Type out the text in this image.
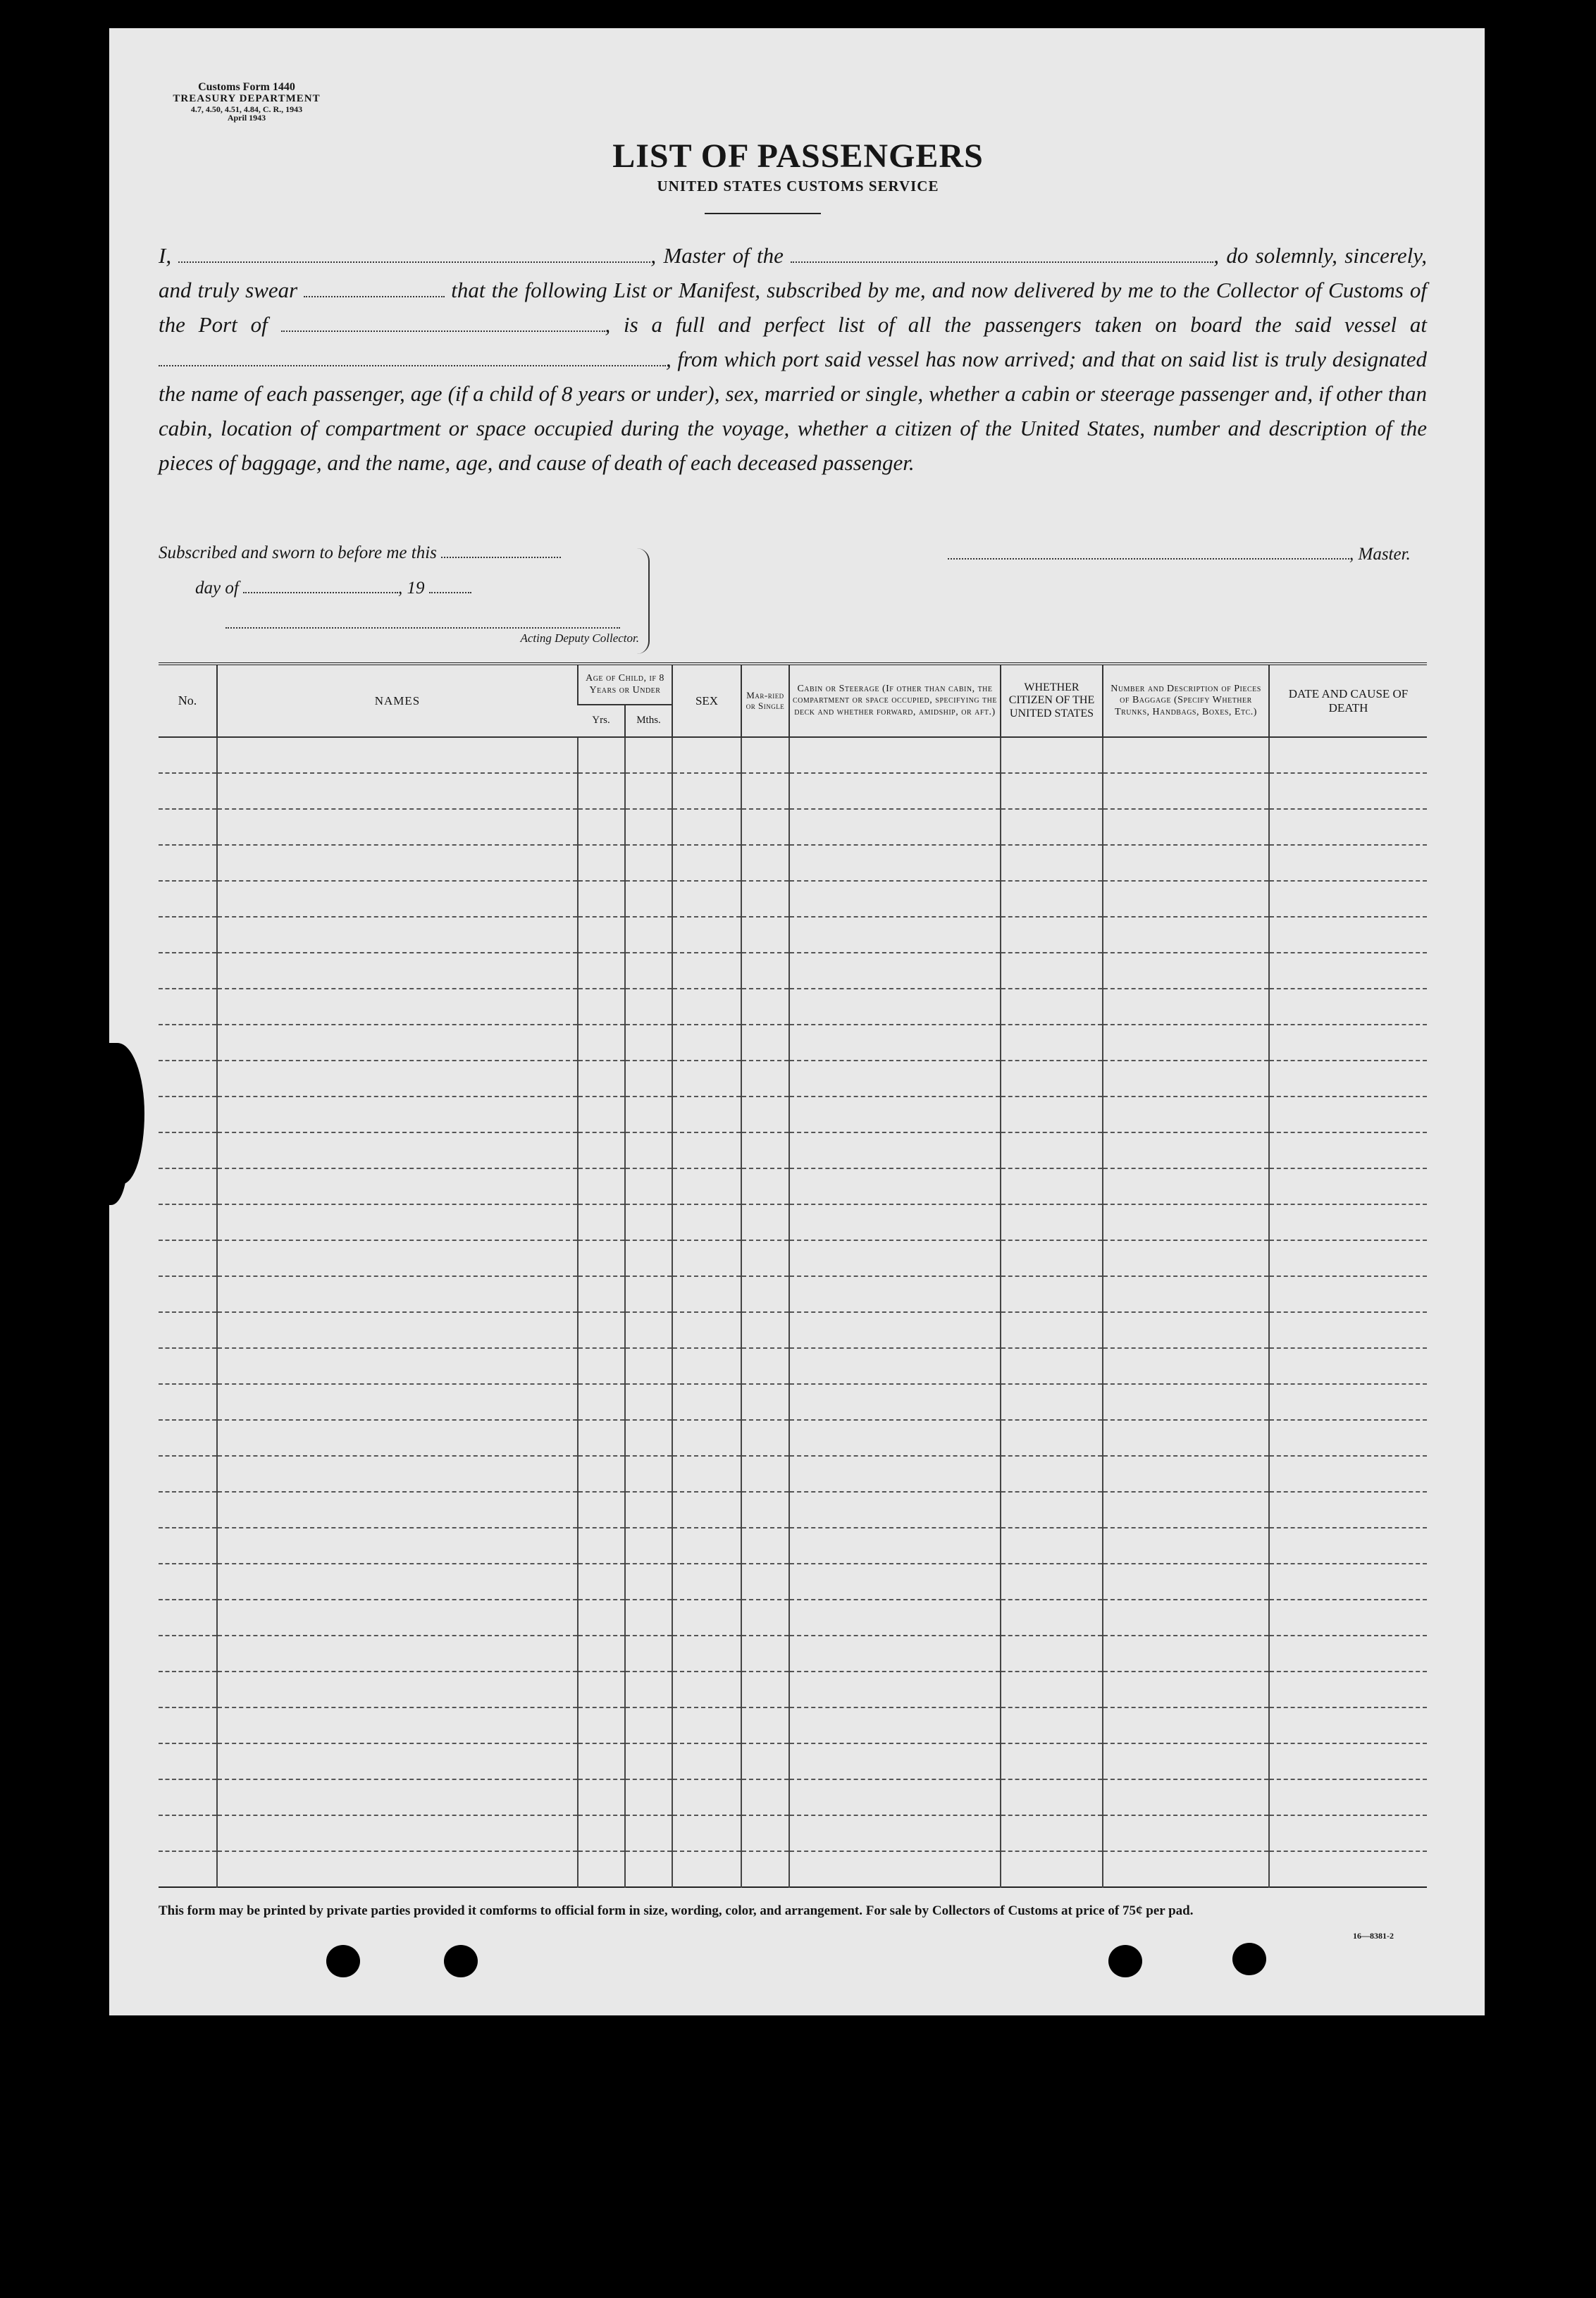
Customs Form 1440
TREASURY DEPARTMENT
4.7, 4.50, 4.51, 4.84, C. R., 1943
April 1943
LIST OF PASSENGERS
UNITED STATES CUSTOMS SERVICE
I,	, Master of the	, do solemnly, sincerely, and truly swear	that the following List or Manifest, subscribed by me, and now delivered by me to the Collector of Customs of the Port of	, is a full and perfect list of all the passengers taken on board the said vessel at , from which port said vessel has now arrived; and that on said list is truly designated the name of each passenger, age (if a child of 8 years or under), sex, married or single, whether a cabin or steerage passenger and, if other than cabin, location of compartment or space occupied during the voyage, whether a citizen of the United States, number and description of the pieces of baggage, and the name, age, and cause of death of each deceased passenger.
Subscribed and sworn to before me this
day of	, 19
Acting Deputy Collector.
, Master.
No.	NAMES	Age of Child, if 8 Years or Under		SEX	Mar-ried or Single	Cabin or Steerage (If other than cabin, the compartment or space occupied, specifying the deck and whether forward, amidship, or aft.)	WHETHER CITIZEN OF THE UNITED STATES	Number and Description of Pieces of Baggage (Specify Whether Trunks, Handbags, Boxes, Etc.)	DATE AND CAUSE OF DEATH
		Yrs.	Mths.						

This form may be printed by private parties provided it comforms to official form in size, wording, color, and arrangement. For sale by Collectors of Customs at price of 75¢ per pad.
16—8381-2
